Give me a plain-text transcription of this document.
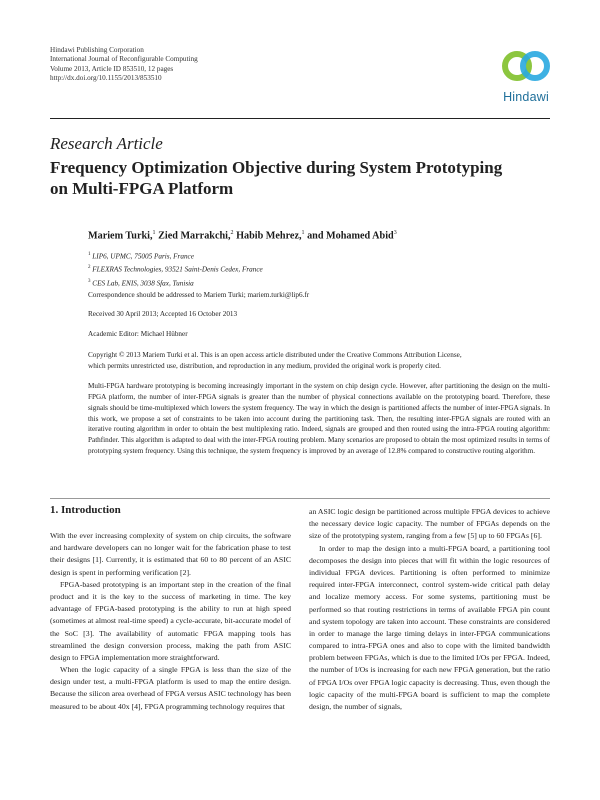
Hindawi Publishing Corporation
International Journal of Reconfigurable Computing
Volume 2013, Article ID 853510, 12 pages
http://dx.doi.org/10.1155/2013/853510
Hindawi
Research Article
Frequency Optimization Objective during System Prototyping
on Multi-FPGA Platform
Mariem Turki,$^1$ Zied Marrakchi,$^2$ Habib Mehrez,$^1$ and Mohamed Abid$^3$
$^1$ LIP6, UPMC, 75005 Paris, France
$^2$ FLEXRAS Technologies, 93521 Saint-Denis Cedex, France
$^3$ CES Lab, ENIS, 3038 Sfax, Tunisia
Correspondence should be addressed to Mariem Turki; mariem.turki@lip6.fr
Received 30 April 2013; Accepted 16 October 2013
Academic Editor: Michael Hübner
Copyright © 2013 Mariem Turki et al. This is an open access article distributed under the Creative Commons Attribution License,
which permits unrestricted use, distribution, and reproduction in any medium, provided the original work is properly cited.
Multi-FPGA hardware prototyping is becoming increasingly important in the system on chip design cycle. However, after partitioning the design on the multi-FPGA platform, the number of inter-FPGA signals is greater than the number of physical connections available on the prototyping board. Therefore, these signals should be time-multiplexed which lowers the system frequency. The way in which the design is partitioned affects the number of inter-FPGA signals. In this work, we propose a set of constraints to be taken into account during the partitioning task. Then, the resulting inter-FPGA signals are routed with an iterative routing algorithm in order to obtain the best multiplexing ratio. Indeed, signals are grouped and then routed using the intra-FPGA routing algorithm: Pathfinder. This algorithm is adapted to deal with the inter-FPGA routing problem. Many scenarios are proposed to obtain the most optimized results in terms of prototyping system frequency. Using this technique, the system frequency is improved by an average of 12.8% compared to constructive routing algorithm.
1. Introduction

With the ever increasing complexity of system on chip circuits, the software and hardware developers can no longer wait for the fabrication phase to test their designs [1]. Currently, it is estimated that 60 to 80 percent of an ASIC design is spent in performing verification [2].

FPGA-based prototyping is an important step in the creation of the final product and it is the key to the success of marketing in time. The key advantage of FPGA-based prototyping is the ability to run at high speed (sometimes at almost real-time speed) a cycle-accurate, bit-accurate model of the SoC [3]. The availability of automatic FPGA mapping tools has streamlined the design conversion process, making the path from ASIC design to FPGA implementation more straightforward.

When the logic capacity of a single FPGA is less than the size of the design under test, a multi-FPGA platform is used to map the entire design. Because the silicon area overhead of FPGA versus ASIC technology has been measured to be about 40x [4], FPGA programming technology requires that

an ASIC logic design be partitioned across multiple FPGA devices to achieve the necessary device logic capacity. The number of FPGAs depends on the size of the prototyping system, ranging from a few [5] up to 60 FPGAs [6].

In order to map the design into a multi-FPGA board, a partitioning tool decomposes the design into pieces that will fit within the logic resources of individual FPGA devices. Partitioning is often performed to minimize required inter-FPGA interconnect, control system-wide critical path delay and localize memory access. For some systems, partitioning must be performed so that routing restrictions in terms of available FPGA pin count and system topology are taken into account. These constraints are considered in order to manage the large timing delays in inter-FPGA communications compared to intra-FPGA ones and also to cope with the limited bandwidth problem between FPGAs, which is due to the limited I/Os per FPGA. Indeed, the number of I/Os is increasing for each new FPGA generation, but the ratio of FPGA I/Os over FPGA logic capacity is decreasing. Thus, even though the logic capacity of the multi-FPGA board is sufficient to map the complete design, the number of signals,
